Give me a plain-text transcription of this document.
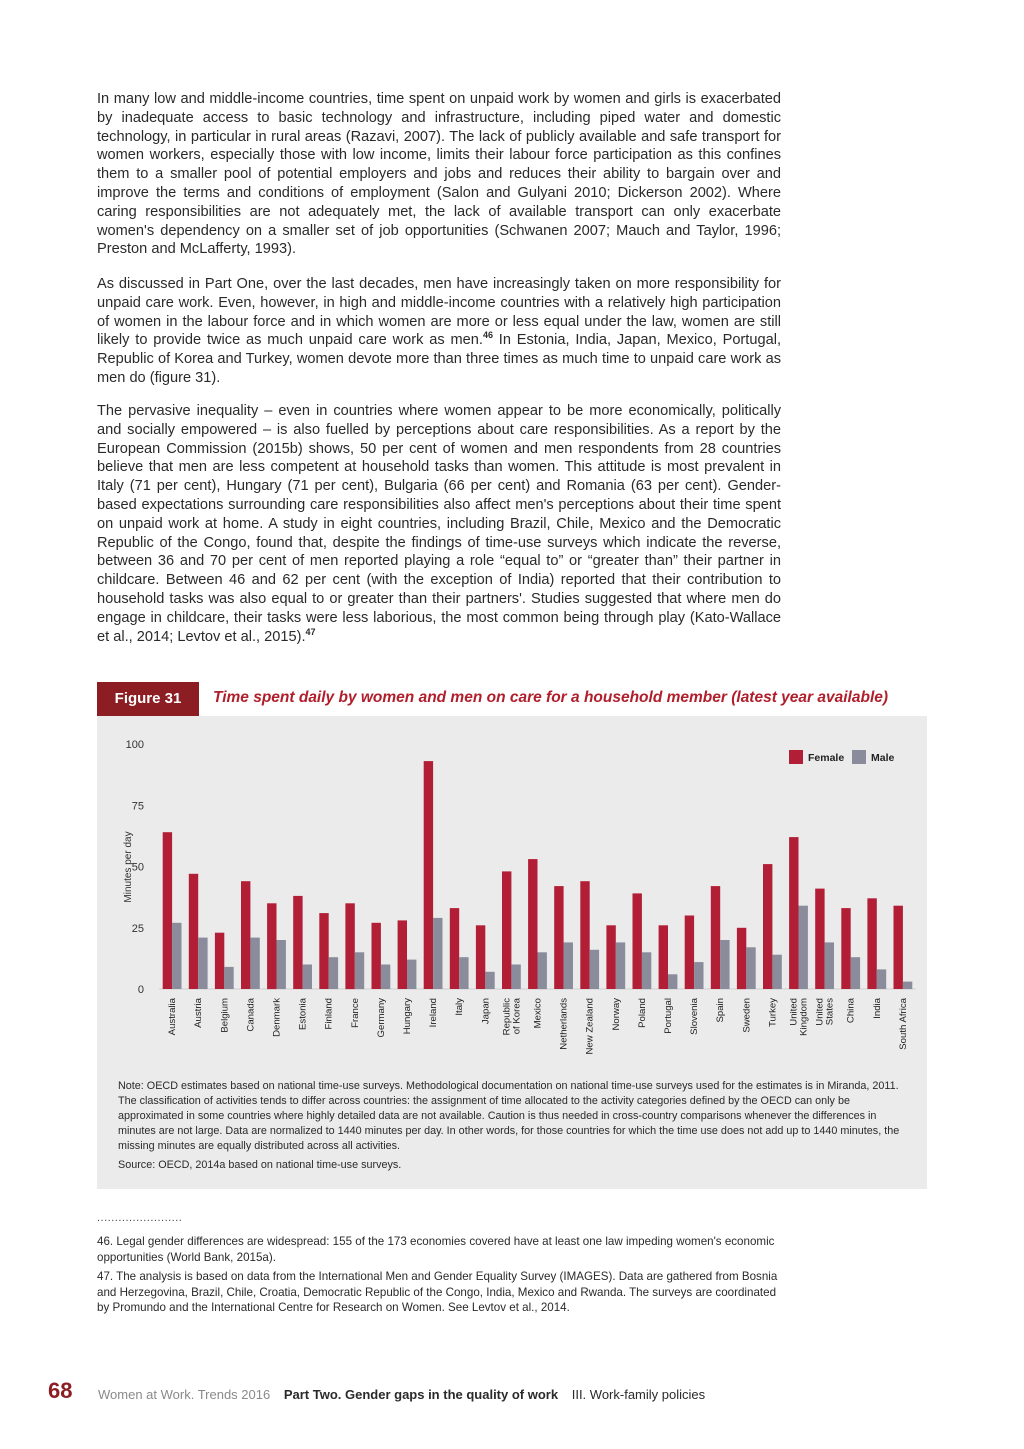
In many low and middle-income countries, time spent on unpaid work by women and girls is exacerbated by inadequate access to basic technology and infrastructure, including piped water and domestic technology, in particular in rural areas (Razavi, 2007). The lack of publicly available and safe transport for women workers, especially those with low income, limits their labour force participation as this confines them to a smaller pool of potential employers and jobs and reduces their ability to bargain over and improve the terms and conditions of employment (Salon and Gulyani 2010; Dickerson 2002). Where caring responsibilities are not adequately met, the lack of available transport can only exacerbate women's dependency on a smaller set of job opportunities (Schwanen 2007; Mauch and Taylor, 1996; Preston and McLafferty, 1993).

As discussed in Part One, over the last decades, men have increasingly taken on more responsibility for unpaid care work. Even, however, in high and middle-income countries with a relatively high participation of women in the labour force and in which women are more or less equal under the law, women are still likely to provide twice as much unpaid care work as men.$^{46}$ In Estonia, India, Japan, Mexico, Portugal, Republic of Korea and Turkey, women devote more than three times as much time to unpaid care work as men do (figure 31).

The pervasive inequality – even in countries where women appear to be more economically, politically and socially empowered – is also fuelled by perceptions about care responsibilities. As a report by the European Commission (2015b) shows, 50 per cent of women and men respondents from 28 countries believe that men are less competent at household tasks than women. This attitude is most prevalent in Italy (71 per cent), Hungary (71 per cent), Bulgaria (66 per cent) and Romania (63 per cent). Gender-based expectations surrounding care responsibilities also affect men's perceptions about their time spent on unpaid work at home. A study in eight countries, including Brazil, Chile, Mexico and the Democratic Republic of the Congo, found that, despite the findings of time-use surveys which indicate the reverse, between 36 and 70 per cent of men reported playing a role “equal to” or “greater than” their partner in childcare. Between 46 and 62 per cent (with the exception of India) reported that their contribution to household tasks was also equal to or greater than their partners'. Studies suggested that where men do engage in childcare, their tasks were less laborious, the most common being through play (Kato-Wallace et al., 2014; Levtov et al., 2015).$^{47}$

Figure 31	Time spent daily by women and men on care for a household member (latest year available)
0
25
50
75
100
Minutes per day
Australia Austria Belgium Canada Denmark Estonia Finland France Germany Hungary Ireland Italy Japan Republic
of Korea Mexico Netherlands New Zealand Norway Poland Portugal Slovenia Spain Sweden Turkey United Kingdom United States China India South Africa
Female	Male

Note: OECD estimates based on national time-use surveys. Methodological documentation on national time-use surveys used for the estimates is in Miranda, 2011. The classification of activities tends to differ across countries: the assignment of time allocated to the activity categories defined by the OECD can only be approximated in some countries where highly detailed data are not available. Caution is thus needed in cross-country comparisons whenever the differences in minutes are not large. Data are normalized to 1440 minutes per day. In other words, for those countries for which the time use does not add up to 1440 minutes, the missing minutes are equally distributed across all activities.

Source: OECD, 2014a based on national time-use surveys.

........................

46. Legal gender differences are widespread: 155 of the 173 economies covered have at least one law impeding women's economic opportunities (World Bank, 2015a).

47. The analysis is based on data from the International Men and Gender Equality Survey (IMAGES). Data are gathered from Bosnia and Herzegovina, Brazil, Chile, Croatia, Democratic Republic of the Congo, India, Mexico and Rwanda. The surveys are coordinated by Promundo and the International Centre for Research on Women. See Levtov et al., 2014.

68 Women at Work. Trends 2016 Part Two. Gender gaps in the quality of work III. Work-family policies
